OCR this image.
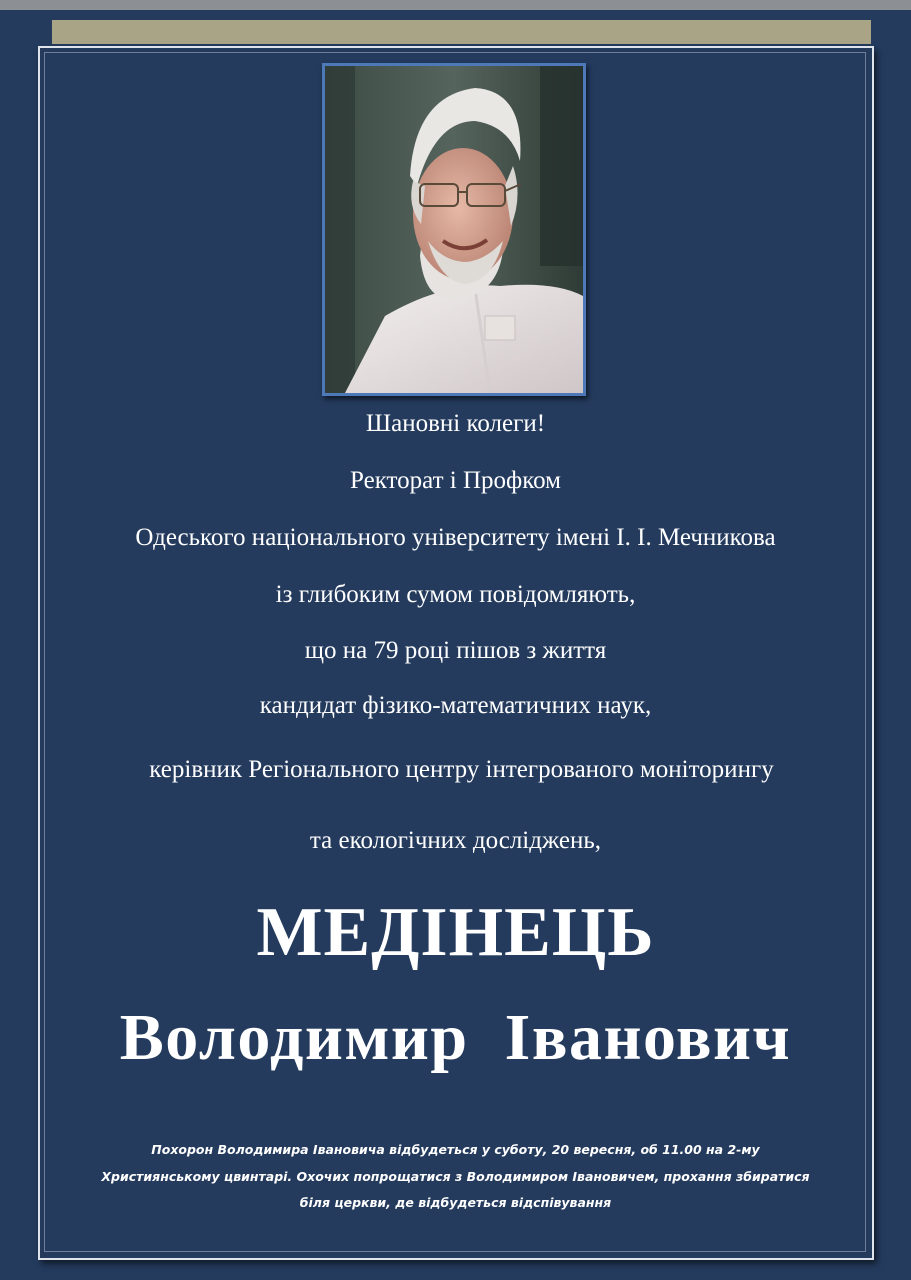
Шановні колеги!
Ректорат і Профком
Одеського національного університету імені І. І. Мечникова
із глибоким сумом повідомляють,
що на 79 році пішов з життя
кандидат фізико-математичних наук,
керівник Регіонального центру інтегрованого моніторингу
та екологічних досліджень,
МЕДІНЕЦЬ
Володимир Іванович
Похорон Володимира Івановича відбудеться у суботу, 20 вересня, об 11.00 на 2-му
Християнському цвинтарі. Охочих попрощатися з Володимиром Івановичем, прохання збиратися
біля церкви, де відбудеться відспівування
